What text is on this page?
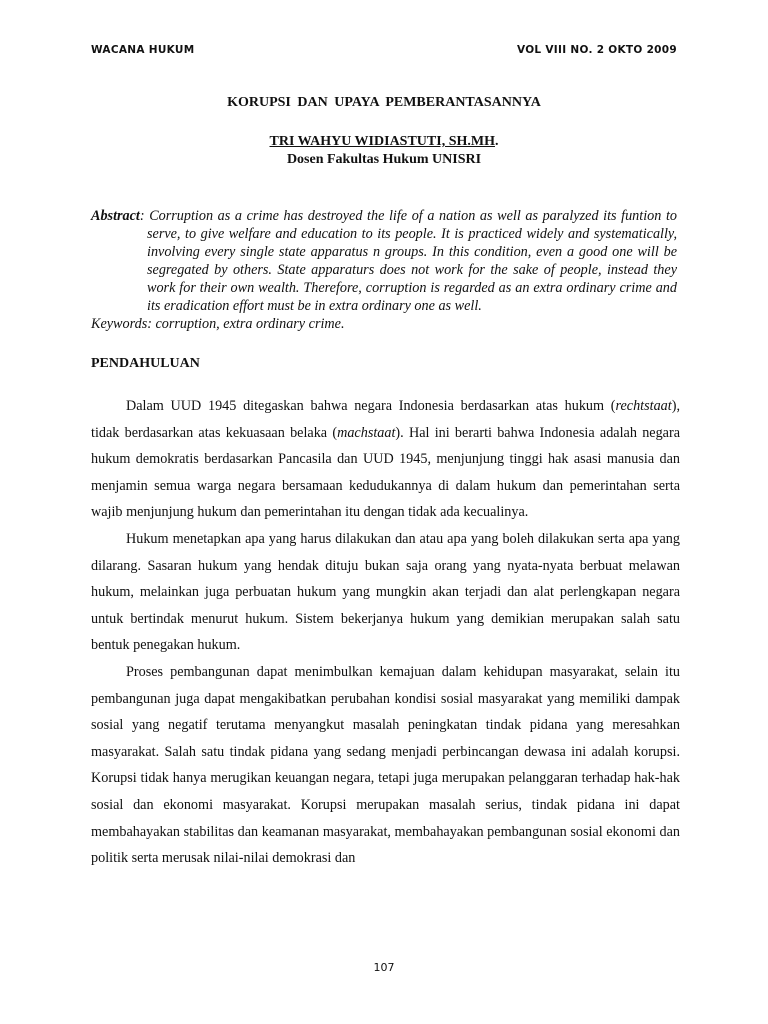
WACANA HUKUM	VOL VIII NO. 2 OKTO 2009
KORUPSI DAN UPAYA PEMBERANTASANNYA
TRI WAHYU WIDIASTUTI, SH.MH.
Dosen Fakultas Hukum UNISRI

Abstract: Corruption as a crime has destroyed the life of a nation as well as paralyzed its funtion to serve, to give welfare and education to its people. It is practiced widely and systematically, involving every single state apparatus n groups. In this condition, even a good one will be segregated by others. State apparaturs does not work for the sake of people, instead they work for their own wealth. Therefore, corruption is regarded as an extra ordinary crime and its eradication effort must be in extra ordinary one as well.

Keywords: corruption, extra ordinary crime.

PENDAHULUAN

Dalam UUD 1945 ditegaskan bahwa negara Indonesia berdasarkan atas hukum (rechtstaat), tidak berdasarkan atas kekuasaan belaka (machstaat). Hal ini berarti bahwa Indonesia adalah negara hukum demokratis berdasarkan Pancasila dan UUD 1945, menjunjung tinggi hak asasi manusia dan menjamin semua warga negara bersamaan kedudukannya di dalam hukum dan pemerintahan serta wajib menjunjung hukum dan pemerintahan itu dengan tidak ada kecualinya.

Hukum menetapkan apa yang harus dilakukan dan atau apa yang boleh dilakukan serta apa yang dilarang. Sasaran hukum yang hendak dituju bukan saja orang yang nyata-nyata berbuat melawan hukum, melainkan juga perbuatan hukum yang mungkin akan terjadi dan alat perlengkapan negara untuk bertindak menurut hukum. Sistem bekerjanya hukum yang demikian merupakan salah satu bentuk penegakan hukum.

Proses pembangunan dapat menimbulkan kemajuan dalam kehidupan masyarakat, selain itu pembangunan juga dapat mengakibatkan perubahan kondisi sosial masyarakat yang memiliki dampak sosial yang negatif terutama menyangkut masalah peningkatan tindak pidana yang meresahkan masyarakat. Salah satu tindak pidana yang sedang menjadi perbincangan dewasa ini adalah korupsi. Korupsi tidak hanya merugikan keuangan negara, tetapi juga merupakan pelanggaran terhadap hak-hak sosial dan ekonomi masyarakat. Korupsi merupakan masalah serius, tindak pidana ini dapat membahayakan stabilitas dan keamanan masyarakat, membahayakan pembangunan sosial ekonomi dan politik serta merusak nilai-nilai demokrasi dan

107
